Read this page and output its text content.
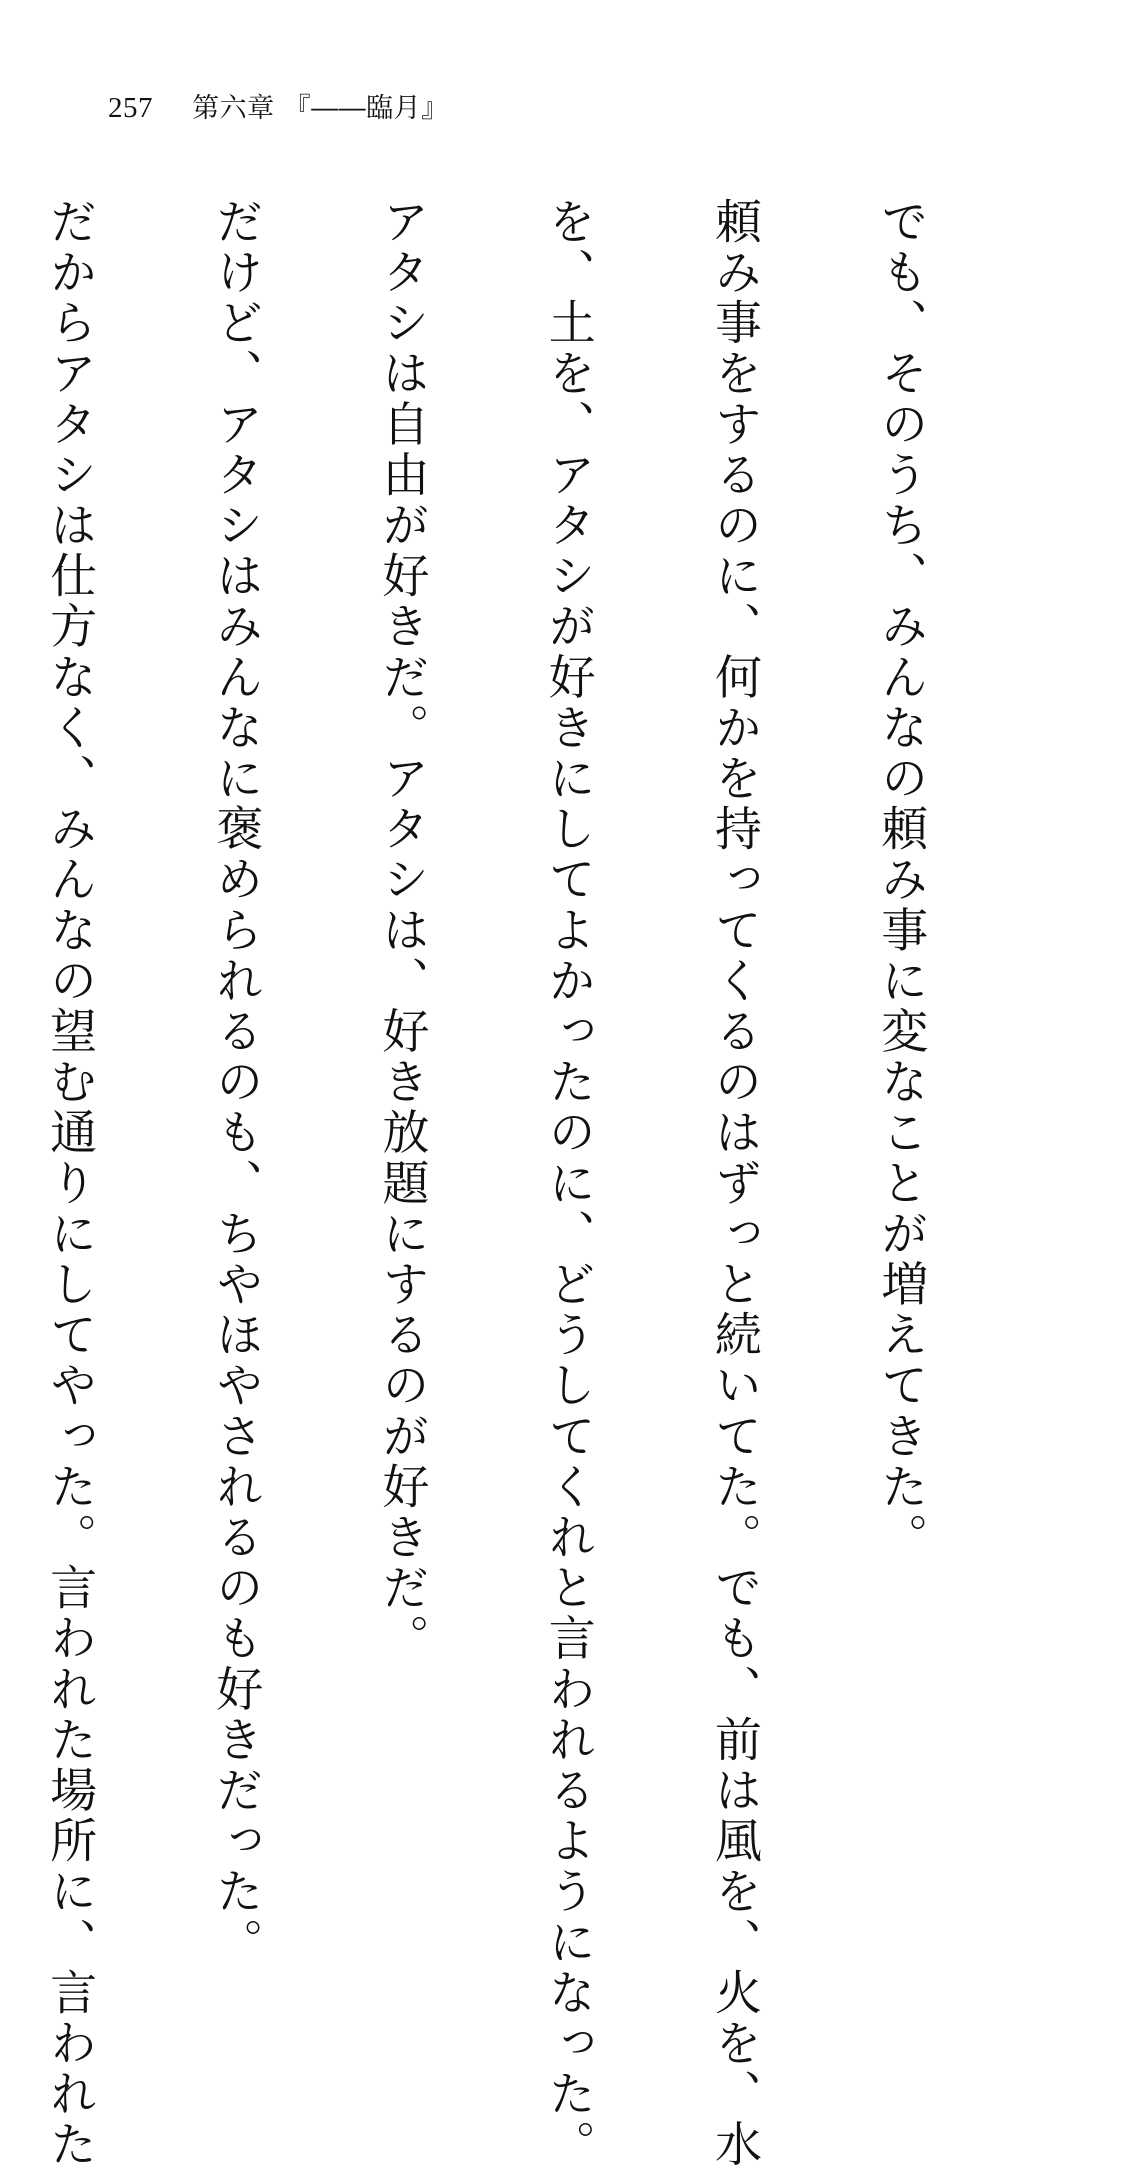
257 第六章 『――臨月』

でも、そのうち、みんなの頼み事に変なことが増えてきた。

頼み事をするのに、何かを持ってくるのはずっと続いてた。でも、前は風を、火を、水

を、土を、アタシが好きにしてよかったのに、どうしてくれと言われるようになった。

アタシは自由が好きだ。アタシは、好き放題にするのが好きだ。

だけど、アタシはみんなに褒められるのも、ちやほやされるのも好きだった。

だからアタシは仕方なく、みんなの望む通りにしてやった。言われた場所に、言われた
